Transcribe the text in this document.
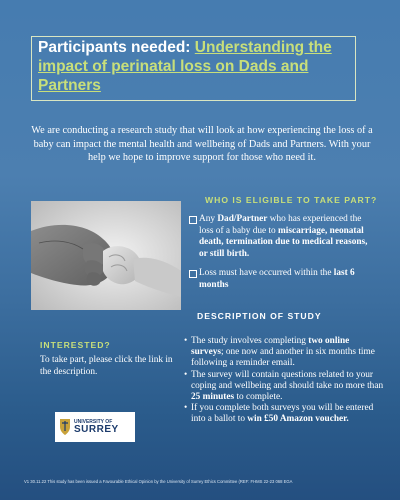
Participants needed: Understanding the impact of perinatal loss on Dads and Partners

We are conducting a research study that will look at how experiencing the loss of a baby can impact the mental health and wellbeing of Dads and Partners. With your help we hope to improve support for those who need it.

WHO IS ELIGIBLE TO TAKE PART?
Any Dad/Partner who has experienced the loss of a baby due to miscarriage, neonatal death, termination due to medical reasons, or still birth.
Loss must have occurred within the last 6 months
DESCRIPTION OF STUDY
• The study involves completing two online surveys; one now and another in six months time following a reminder email.
• The survey will contain questions related to your coping and wellbeing and should take no more than 25 minutes to complete.
• If you complete both surveys you will be entered into a ballot to win £50 Amazon voucher.
INTERESTED?

To take part, please click the link in the description.

UNIVERSITY OF
SURREY

V1 30.11.22 This study has been issued a Favourable Ethical Opinion by the University of Surrey Ethics Committee (REF: FHMS 22-23 068 EGA
